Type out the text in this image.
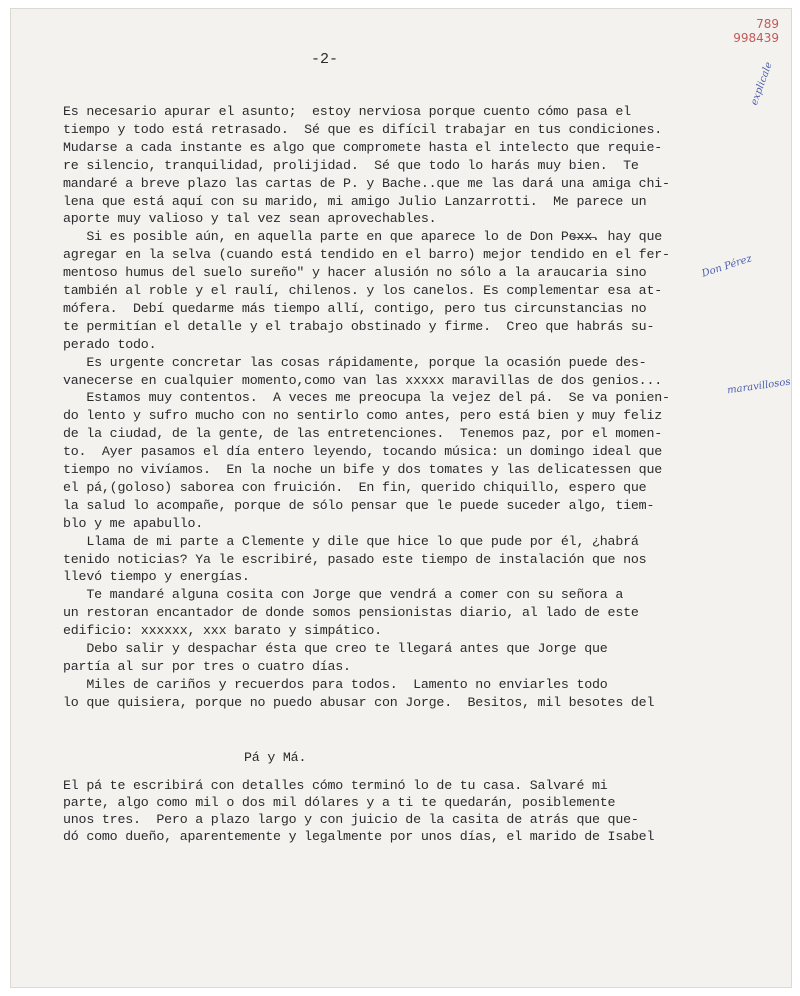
789
998439
-2-
explicale
Don Pérez
maravillosos
Es necesario apurar el asunto;  estoy nerviosa porque cuento cómo pasa el
tiempo y todo está retrasado.  Sé que es difícil trabajar en tus condiciones.
Mudarse a cada instante es algo que compromete hasta el intelecto que requie-
re silencio, tranquilidad, prolijidad.  Sé que todo lo harás muy bien.  Te
mandaré a breve plazo las cartas de P. y Bache..que me las dará una amiga chi-
lena que está aquí con su marido, mi amigo Julio Lanzarrotti.  Me parece un
aporte muy valioso y tal vez sean aprovechables.
Si es posible aún, en aquella parte en que aparece lo de Don Pe̶x̶x̶. hay que
agregar en la selva (cuando está tendido en el barro) mejor tendido en el fer-
mentoso humus del suelo sureño" y hacer alusión no sólo a la araucaria sino
también al roble y el raulí, chilenos. y los canelos. Es complementar esa at-
mófera.  Debí quedarme más tiempo allí, contigo, pero tus circunstancias no
te permitían el detalle y el trabajo obstinado y firme.  Creo que habrás su-
perado todo.
Es urgente concretar las cosas rápidamente, porque la ocasión puede des-
vanecerse en cualquier momento,como van las xxxxx maravillas de dos genios...
Estamos muy contentos.  A veces me preocupa la vejez del pá.  Se va ponien-
do lento y sufro mucho con no sentirlo como antes, pero está bien y muy feliz
de la ciudad, de la gente, de las entretenciones.  Tenemos paz, por el momen-
to.  Ayer pasamos el día entero leyendo, tocando música: un domingo ideal que
tiempo no vivíamos.  En la noche un bife y dos tomates y las delicatessen que
el pá,(goloso) saborea con fruición.  En fin, querido chiquillo, espero que
la salud lo acompañe, porque de sólo pensar que le puede suceder algo, tiem-
blo y me apabullo.
Llama de mi parte a Clemente y dile que hice lo que pude por él, ¿habrá
tenido noticias? Ya le escribiré, pasado este tiempo de instalación que nos
llevó tiempo y energías.
Te mandaré alguna cosita con Jorge que vendrá a comer con su señora a
un restoran encantador de donde somos pensionistas diario, al lado de este
edificio: xxxxxx, xxx barato y simpático.
Debo salir y despachar ésta que creo te llegará antes que Jorge que
partía al sur por tres o cuatro días.
Miles de cariños y recuerdos para todos.  Lamento no enviarles todo
lo que quisiera, porque no puedo abusar con Jorge.  Besitos, mil besotes del
Pá y Má.
El pá te escribirá con detalles cómo terminó lo de tu casa. Salvaré mi
parte, algo como mil o dos mil dólares y a ti te quedarán, posiblemente
unos tres.  Pero a plazo largo y con juicio de la casita de atrás que que-
dó como dueño, aparentemente y legalmente por unos días, el marido de Isabel
